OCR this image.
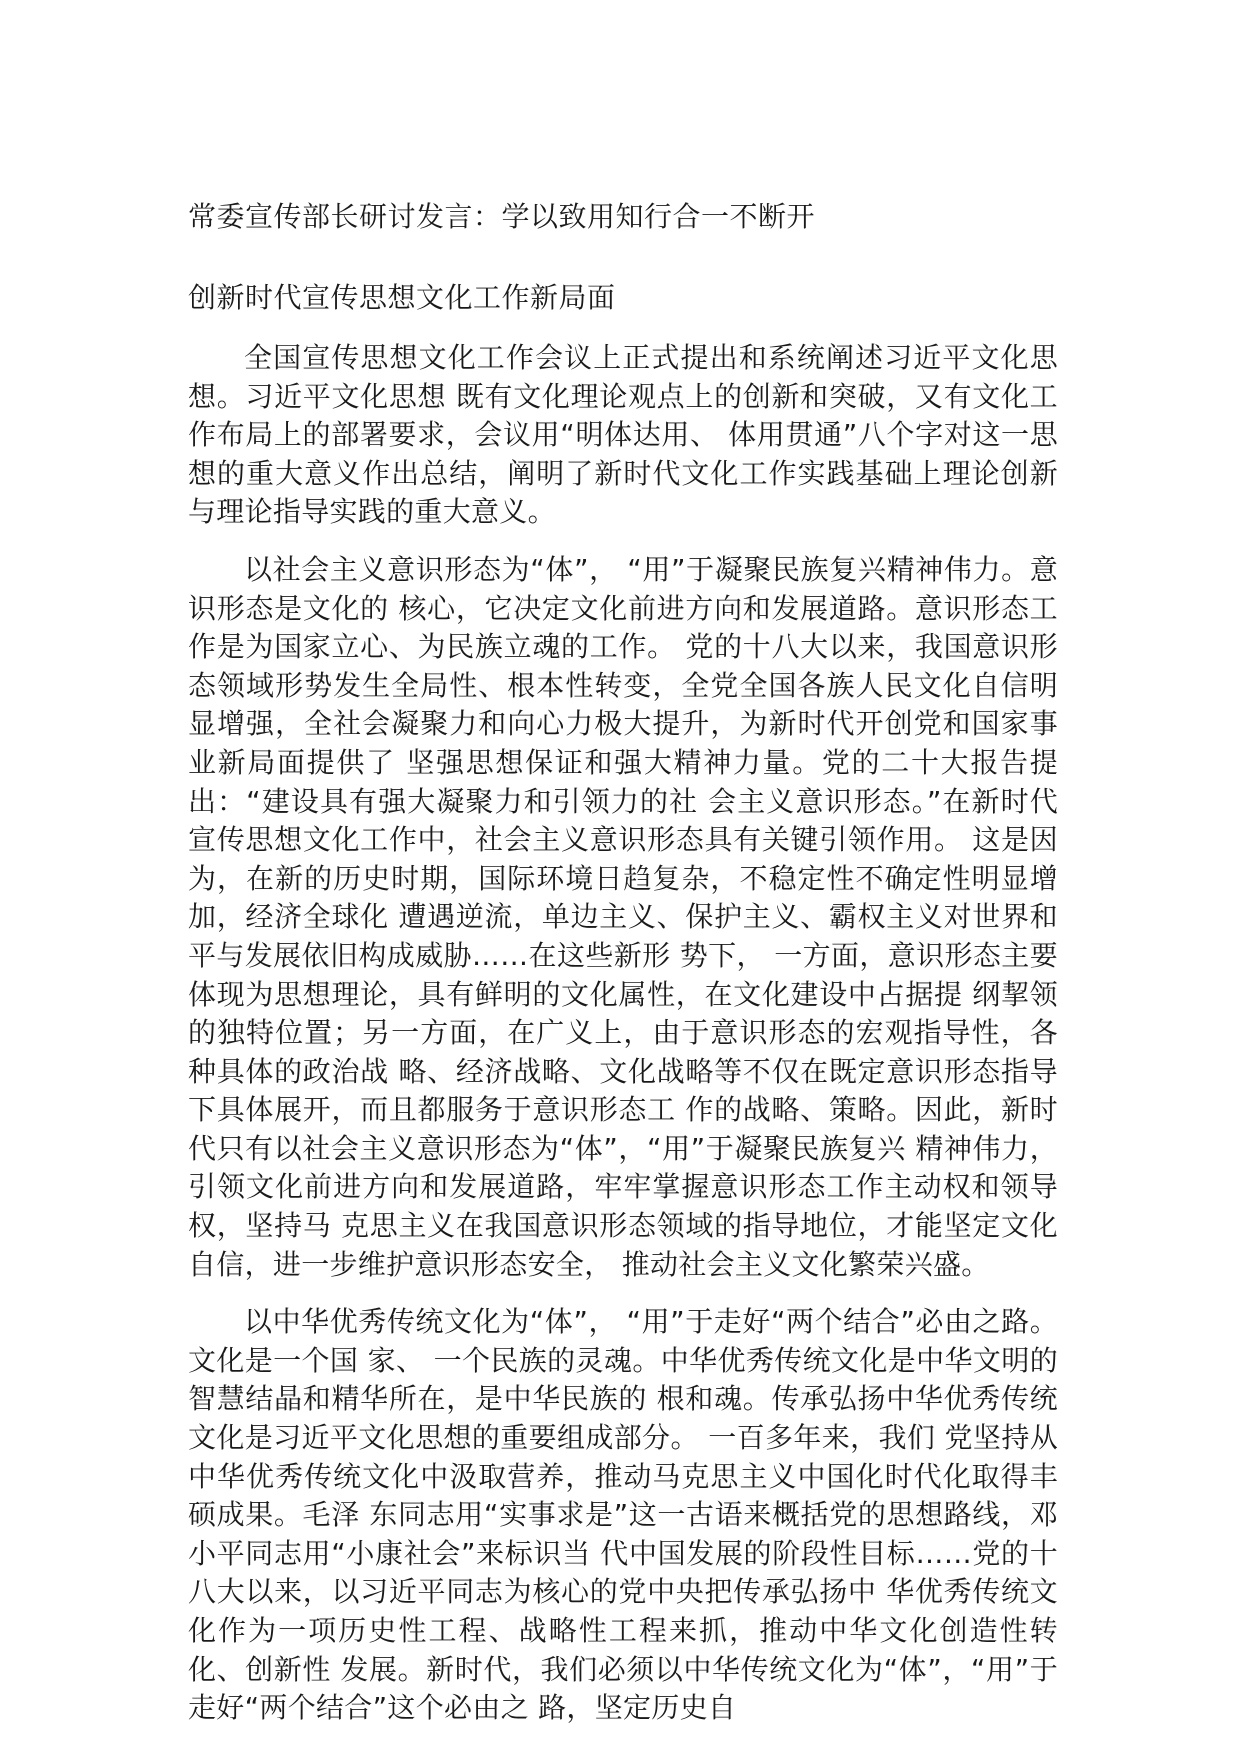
常委宣传部长研讨发言：学以致用知行合一不断开
创新时代宣传思想文化工作新局面

全国宣传思想文化工作会议上正式提出和系统阐述习近平文化思想。习近平文化思想 既有文化理论观点上的创新和突破，又有文化工作布局上的部署要求，会议用“明体达用、 体用贯通”八个字对这一思想的重大意义作出总结，阐明了新时代文化工作实践基础上理论创新与理论指导实践的重大意义。

以社会主义意识形态为“体”， “用”于凝聚民族复兴精神伟力。意识形态是文化的 核心，它决定文化前进方向和发展道路。意识形态工作是为国家立心、为民族立魂的工作。 党的十八大以来，我国意识形态领域形势发生全局性、根本性转变，全党全国各族人民文化自信明显增强，全社会凝聚力和向心力极大提升，为新时代开创党和国家事业新局面提供了 坚强思想保证和强大精神力量。党的二十大报告提出：“建设具有强大凝聚力和引领力的社 会主义意识形态。”在新时代宣传思想文化工作中，社会主义意识形态具有关键引领作用。 这是因为，在新的历史时期，国际环境日趋复杂，不稳定性不确定性明显增加，经济全球化 遭遇逆流，单边主义、保护主义、霸权主义对世界和平与发展依旧构成威胁……在这些新形 势下， 一方面，意识形态主要体现为思想理论，具有鲜明的文化属性，在文化建设中占据提 纲挈领的独特位置；另一方面，在广义上，由于意识形态的宏观指导性，各种具体的政治战 略、经济战略、文化战略等不仅在既定意识形态指导下具体展开，而且都服务于意识形态工 作的战略、策略。因此，新时代只有以社会主义意识形态为“体”，“用”于凝聚民族复兴 精神伟力，引领文化前进方向和发展道路，牢牢掌握意识形态工作主动权和领导权，坚持马 克思主义在我国意识形态领域的指导地位，才能坚定文化自信，进一步维护意识形态安全， 推动社会主义文化繁荣兴盛。

以中华优秀传统文化为“体”， “用”于走好“两个结合”必由之路。 文化是一个国 家、 一个民族的灵魂。中华优秀传统文化是中华文明的智慧结晶和精华所在，是中华民族的 根和魂。传承弘扬中华优秀传统文化是习近平文化思想的重要组成部分。 一百多年来，我们 党坚持从中华优秀传统文化中汲取营养，推动马克思主义中国化时代化取得丰硕成果。毛泽 东同志用“实事求是”这一古语来概括党的思想路线，邓小平同志用“小康社会”来标识当 代中国发展的阶段性目标……党的十八大以来，以习近平同志为核心的党中央把传承弘扬中 华优秀传统文化作为一项历史性工程、战略性工程来抓，推动中华文化创造性转化、创新性 发展。新时代，我们必须以中华传统文化为“体”，“用”于走好“两个结合”这个必由之 路，坚定历史自
